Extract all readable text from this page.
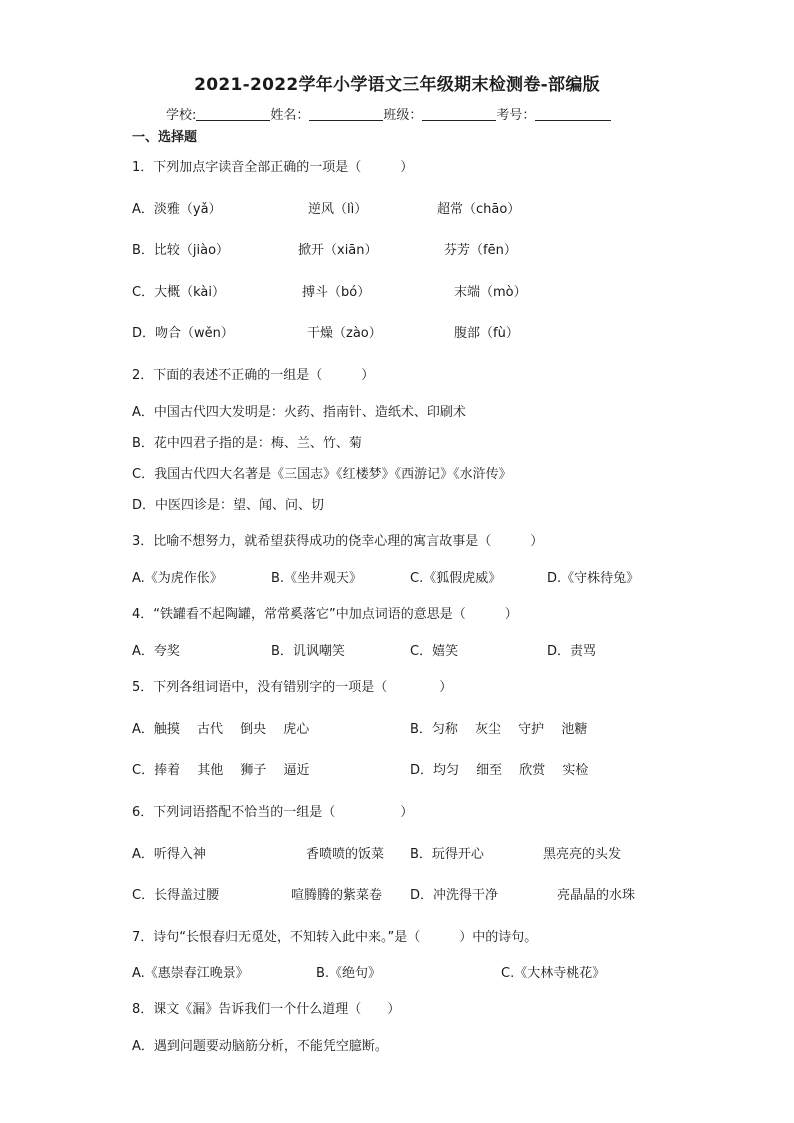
2021-2022学年小学语文三年级期末检测卷-部编版
学校:	姓名：	班级：	考号：
一、选择题
1．下列加点字读音全部正确的一项是（　　　）
A．淡雅（yǎ）	逆风（lì）	超常（chāo）
B．比较（jiào）	掀开（xiān）	芬芳（fēn）
C．大概（kài）	搏斗（bó）	末端（mò）
D．吻合（wěn）	干燥（zào）	腹部（fù）
2．下面的表述不正确的一组是（　　　）
A．中国古代四大发明是：火药、指南针、造纸术、印刷术
B．花中四君子指的是：梅、兰、竹、菊
C．我国古代四大名著是《三国志》《红楼梦》《西游记》《水浒传》
D．中医四诊是：望、闻、问、切
3．比喻不想努力，就希望获得成功的侥幸心理的寓言故事是（　　　）
A.《为虎作伥》	B.《坐井观天》	C.《狐假虎威》	D.《守株待兔》
4．“铁罐看不起陶罐，常常奚落它”中加点词语的意思是（　　　）
A．夸奖	B．讥讽嘲笑	C．嬉笑	D．责骂
5．下列各组词语中，没有错别字的一项是（　　　　）
A．触摸　 古代　 倒央　 虎心	B．匀称　 灰尘　 守护　 池糖
C．捧着　 其他　 狮子　 逼近	D．均匀　 细至　 欣赏　 实检
6．下列词语搭配不恰当的一组是（　　　　　）
A．听得入神	香喷喷的饭菜 B．玩得开心	黑亮亮的头发
C．长得盖过腰	喧腾腾的紫菜卷 D．冲洗得干净	亮晶晶的水珠
7．诗句“长恨春归无觅处，不知转入此中来。”是（　　　）中的诗句。
A.《惠崇春江晚景》	B.《绝句》	C.《大林寺桃花》
8．课文《漏》告诉我们一个什么道理（　　）
A．遇到问题要动脑筋分析，不能凭空臆断。
